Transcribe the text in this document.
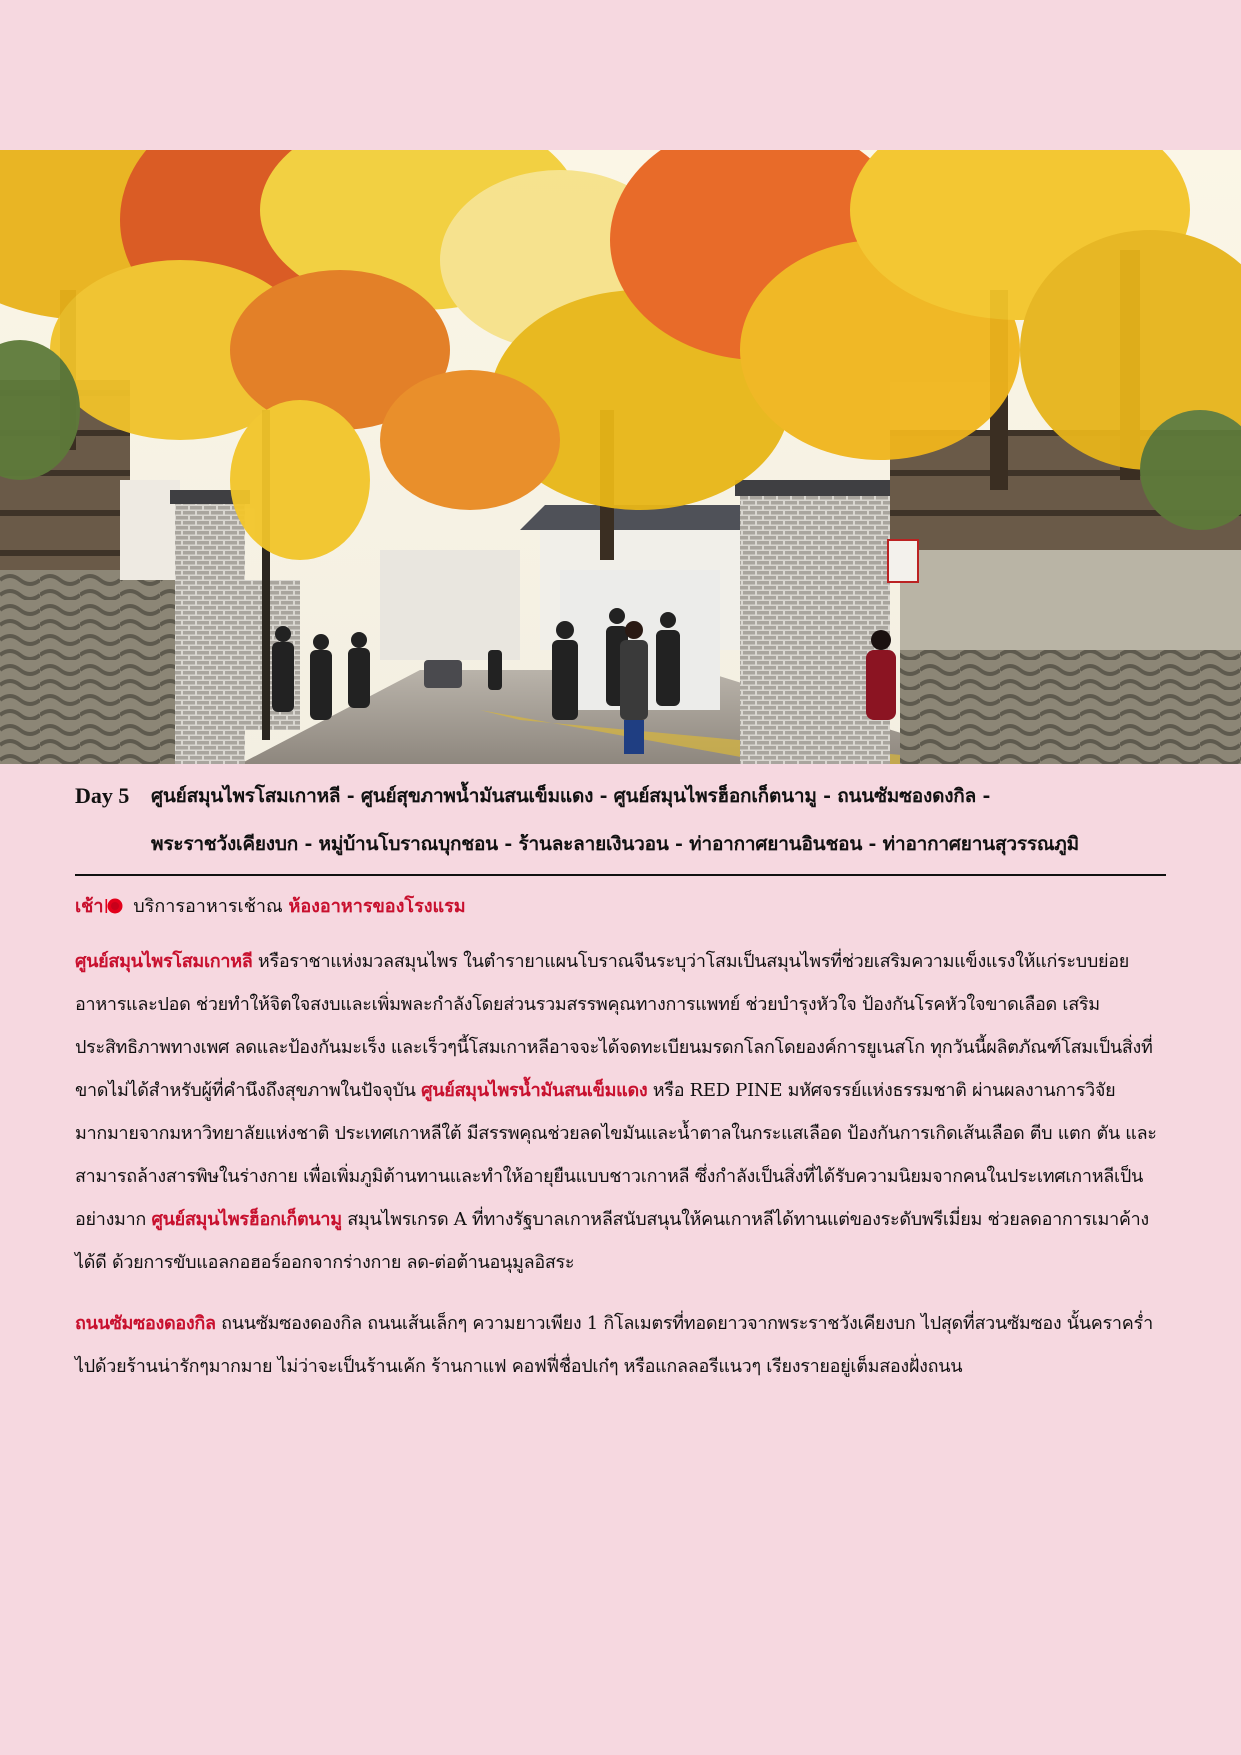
Day 5	ศูนย์สมุนไพรโสมเกาหลี - ศูนย์สุขภาพน้ำมันสนเข็มแดง - ศูนย์สมุนไพรฮ็อกเก็ตนามู - ถนนซัมซองดงกิล -
พระราชวังเคียงบก - หมู่บ้านโบราณบุกชอน - ร้านละลายเงินวอน - ท่าอากาศยานอินชอน - ท่าอากาศยานสุวรรณภูมิ
เช้า บริการอาหารเช้าณ ห้องอาหารของโรงแรม
ศูนย์สมุนไพรโสมเกาหลี หรือราชาแห่งมวลสมุนไพร ในตำรายาแผนโบราณจีนระบุว่าโสมเป็นสมุนไพรที่ช่วยเสริมความแข็งแรงให้แก่ระบบย่อยอาหารและปอด ช่วยทำให้จิตใจสงบและเพิ่มพละกำลังโดยส่วนรวมสรรพคุณทางการแพทย์ ช่วยบำรุงหัวใจ ป้องกันโรคหัวใจขาดเลือด เสริมประสิทธิภาพทางเพศ ลดและป้องกันมะเร็ง และเร็วๆนี้โสมเกาหลีอาจจะได้จดทะเบียนมรดกโลกโดยองค์การยูเนสโก ทุกวันนี้ผลิตภัณฑ์โสมเป็นสิ่งที่ขาดไม่ได้สำหรับผู้ที่คำนึงถึงสุขภาพในปัจจุบัน ศูนย์สมุนไพรน้ำมันสนเข็มแดง หรือ RED PINE มหัศจรรย์แห่งธรรมชาติ ผ่านผลงานการวิจัยมากมายจากมหาวิทยาลัยแห่งชาติ ประเทศเกาหลีใต้ มีสรรพคุณช่วยลดไขมันและน้ำตาลในกระแสเลือด ป้องกันการเกิดเส้นเลือด ตีบ แตก ตัน และสามารถล้างสารพิษในร่างกาย เพื่อเพิ่มภูมิต้านทานและทำให้อายุยืนแบบชาวเกาหลี ซึ่งกำลังเป็นสิ่งที่ได้รับความนิยมจากคนในประเทศเกาหลีเป็นอย่างมาก ศูนย์สมุนไพรฮ็อกเก็ตนามู สมุนไพรเกรด A ที่ทางรัฐบาลเกาหลีสนับสนุนให้คนเกาหลีได้ทานแต่ของระดับพรีเมี่ยม ช่วยลดอาการเมาค้างได้ดี ด้วยการขับแอลกอฮอร์ออกจากร่างกาย ลด-ต่อต้านอนุมูลอิสระ
ถนนซัมซองดองกิล ถนนซัมซองดองกิล ถนนเส้นเล็กๆ ความยาวเพียง 1 กิโลเมตรที่ทอดยาวจากพระราชวังเคียงบก ไปสุดที่สวนซัมซอง นั้นคราคร่ำไปด้วยร้านน่ารักๆมากมาย ไม่ว่าจะเป็นร้านเค้ก ร้านกาแฟ คอฟฟี่ชื่อปเก๋ๆ หรือแกลลอรีแนวๆ เรียงรายอยู่เต็มสองฝั่งถนน
